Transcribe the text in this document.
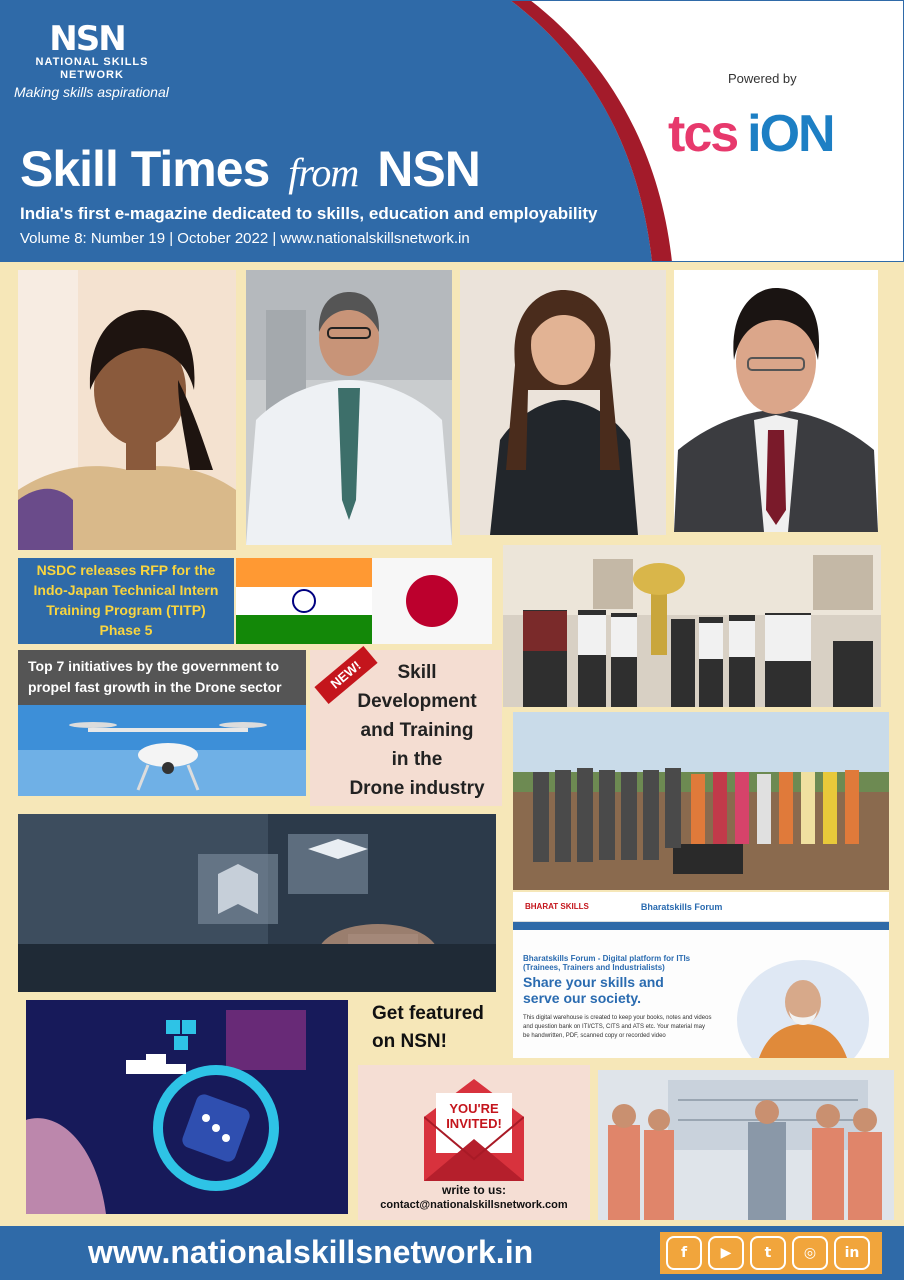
NSN
NATIONAL SKILLS
NETWORK
Making skills aspirational
Skill Times from NSN
India's first e-magazine dedicated to skills, education and employability
Volume 8: Number 19 | October 2022 | www.nationalskillsnetwork.in
Powered by
tcs iON
NSDC releases RFP for the Indo-Japan Technical Intern Training Program (TITP) Phase 5
Top 7 initiatives by the government to propel fast growth in the Drone sector	NEW!	Skill
Development
and Training
in the
Drone industry
BHARAT SKILLS	Bharatskills Forum
Bharatskills Forum - Digital platform for ITIs (Trainees, Trainers and Industrialists)
Share your skills and serve our society.
This digital warehouse is created to keep your books, notes and videos and question bank on ITI/CTS, CITS and ATS etc. Your material may be handwritten, PDF, scanned copy or recorded video
Get featured
on NSN!
YOU'RE
INVITED!
write to us:
contact@nationalskillsnetwork.com
www.nationalskillsnetwork.in	f	▶	t	◎	in
